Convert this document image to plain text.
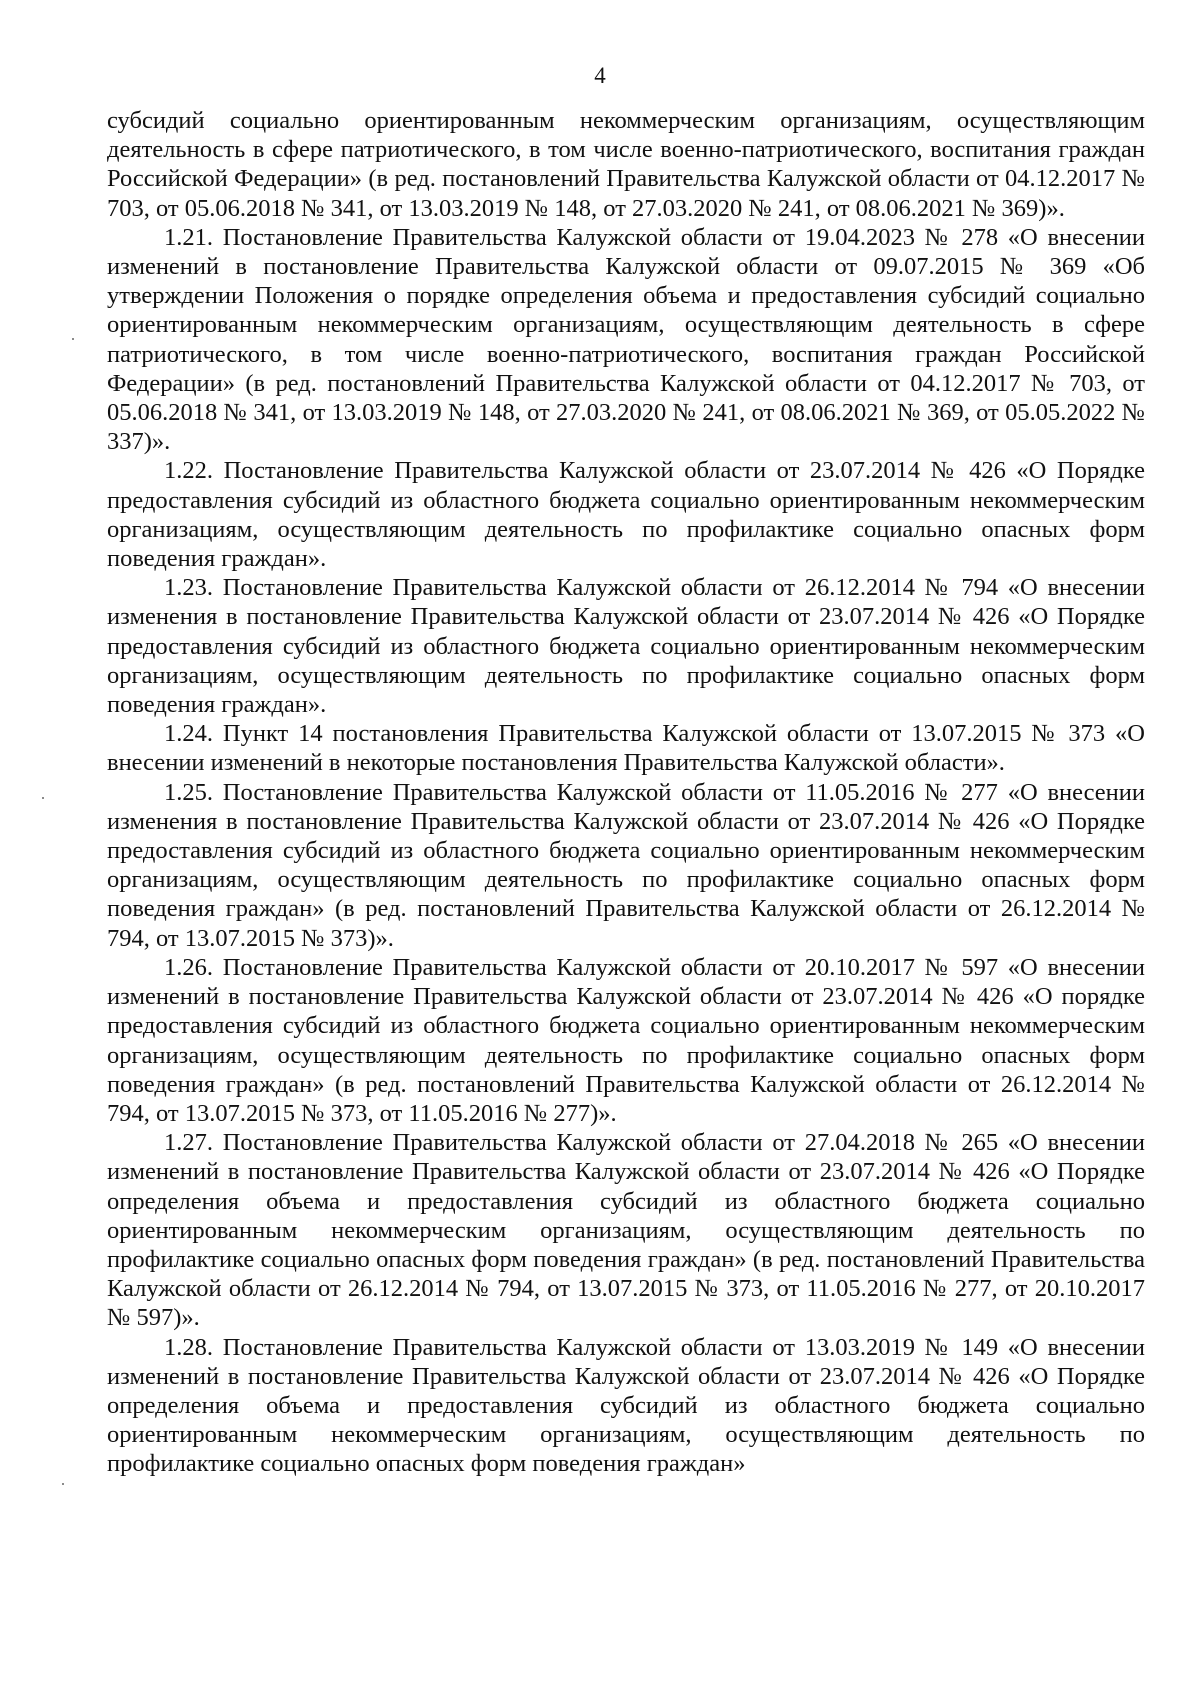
4

субсидий социально ориентированным некоммерческим организациям, осуществляющим деятельность в сфере патриотического, в том числе военно-патриотического, воспитания граждан Российской Федерации» (в ред. постановлений Правительства Калужской области от 04.12.2017 № 703, от 05.06.2018 № 341, от 13.03.2019 № 148, от 27.03.2020 № 241, от 08.06.2021 № 369)».

1.21. Постановление Правительства Калужской области от 19.04.2023 № 278 «О внесении изменений в постановление Правительства Калужской области от 09.07.2015 № 369 «Об утверждении Положения о порядке определения объема и предоставления субсидий социально ориентированным некоммерческим организациям, осуществляющим деятельность в сфере патриотического, в том числе военно-патриотического, воспитания граждан Российской Федерации» (в ред. постановлений Правительства Калужской области от 04.12.2017 № 703, от 05.06.2018 № 341, от 13.03.2019 № 148, от 27.03.2020 № 241, от 08.06.2021 № 369, от 05.05.2022 № 337)».

1.22. Постановление Правительства Калужской области от 23.07.2014 № 426 «О Порядке предоставления субсидий из областного бюджета социально ориентированным некоммерческим организациям, осуществляющим деятельность по профилактике социально опасных форм поведения граждан».

1.23. Постановление Правительства Калужской области от 26.12.2014 № 794 «О внесении изменения в постановление Правительства Калужской области от 23.07.2014 № 426 «О Порядке предоставления субсидий из областного бюджета социально ориентированным некоммерческим организациям, осуществляющим деятельность по профилактике социально опасных форм поведения граждан».

1.24. Пункт 14 постановления Правительства Калужской области от 13.07.2015 № 373 «О внесении изменений в некоторые постановления Правительства Калужской области».

1.25. Постановление Правительства Калужской области от 11.05.2016 № 277 «О внесении изменения в постановление Правительства Калужской области от 23.07.2014 № 426 «О Порядке предоставления субсидий из областного бюджета социально ориентированным некоммерческим организациям, осуществляющим деятельность по профилактике социально опасных форм поведения граждан» (в ред. постановлений Правительства Калужской области от 26.12.2014 № 794, от 13.07.2015 № 373)».

1.26. Постановление Правительства Калужской области от 20.10.2017 № 597 «О внесении изменений в постановление Правительства Калужской области от 23.07.2014 № 426 «О порядке предоставления субсидий из областного бюджета социально ориентированным некоммерческим организациям, осуществляющим деятельность по профилактике социально опасных форм поведения граждан» (в ред. постановлений Правительства Калужской области от 26.12.2014 № 794, от 13.07.2015 № 373, от 11.05.2016 № 277)».

1.27. Постановление Правительства Калужской области от 27.04.2018 № 265 «О внесении изменений в постановление Правительства Калужской области от 23.07.2014 № 426 «О Порядке определения объема и предоставления субсидий из областного бюджета социально ориентированным некоммерческим организациям, осуществляющим деятельность по профилактике социально опасных форм поведения граждан» (в ред. постановлений Правительства Калужской области от 26.12.2014 № 794, от 13.07.2015 № 373, от 11.05.2016 № 277, от 20.10.2017 № 597)».

1.28. Постановление Правительства Калужской области от 13.03.2019 № 149 «О внесении изменений в постановление Правительства Калужской области от 23.07.2014 № 426 «О Порядке определения объема и предоставления субсидий из областного бюджета социально ориентированным некоммерческим организациям, осуществляющим деятельность по профилактике социально опасных форм поведения граждан»
